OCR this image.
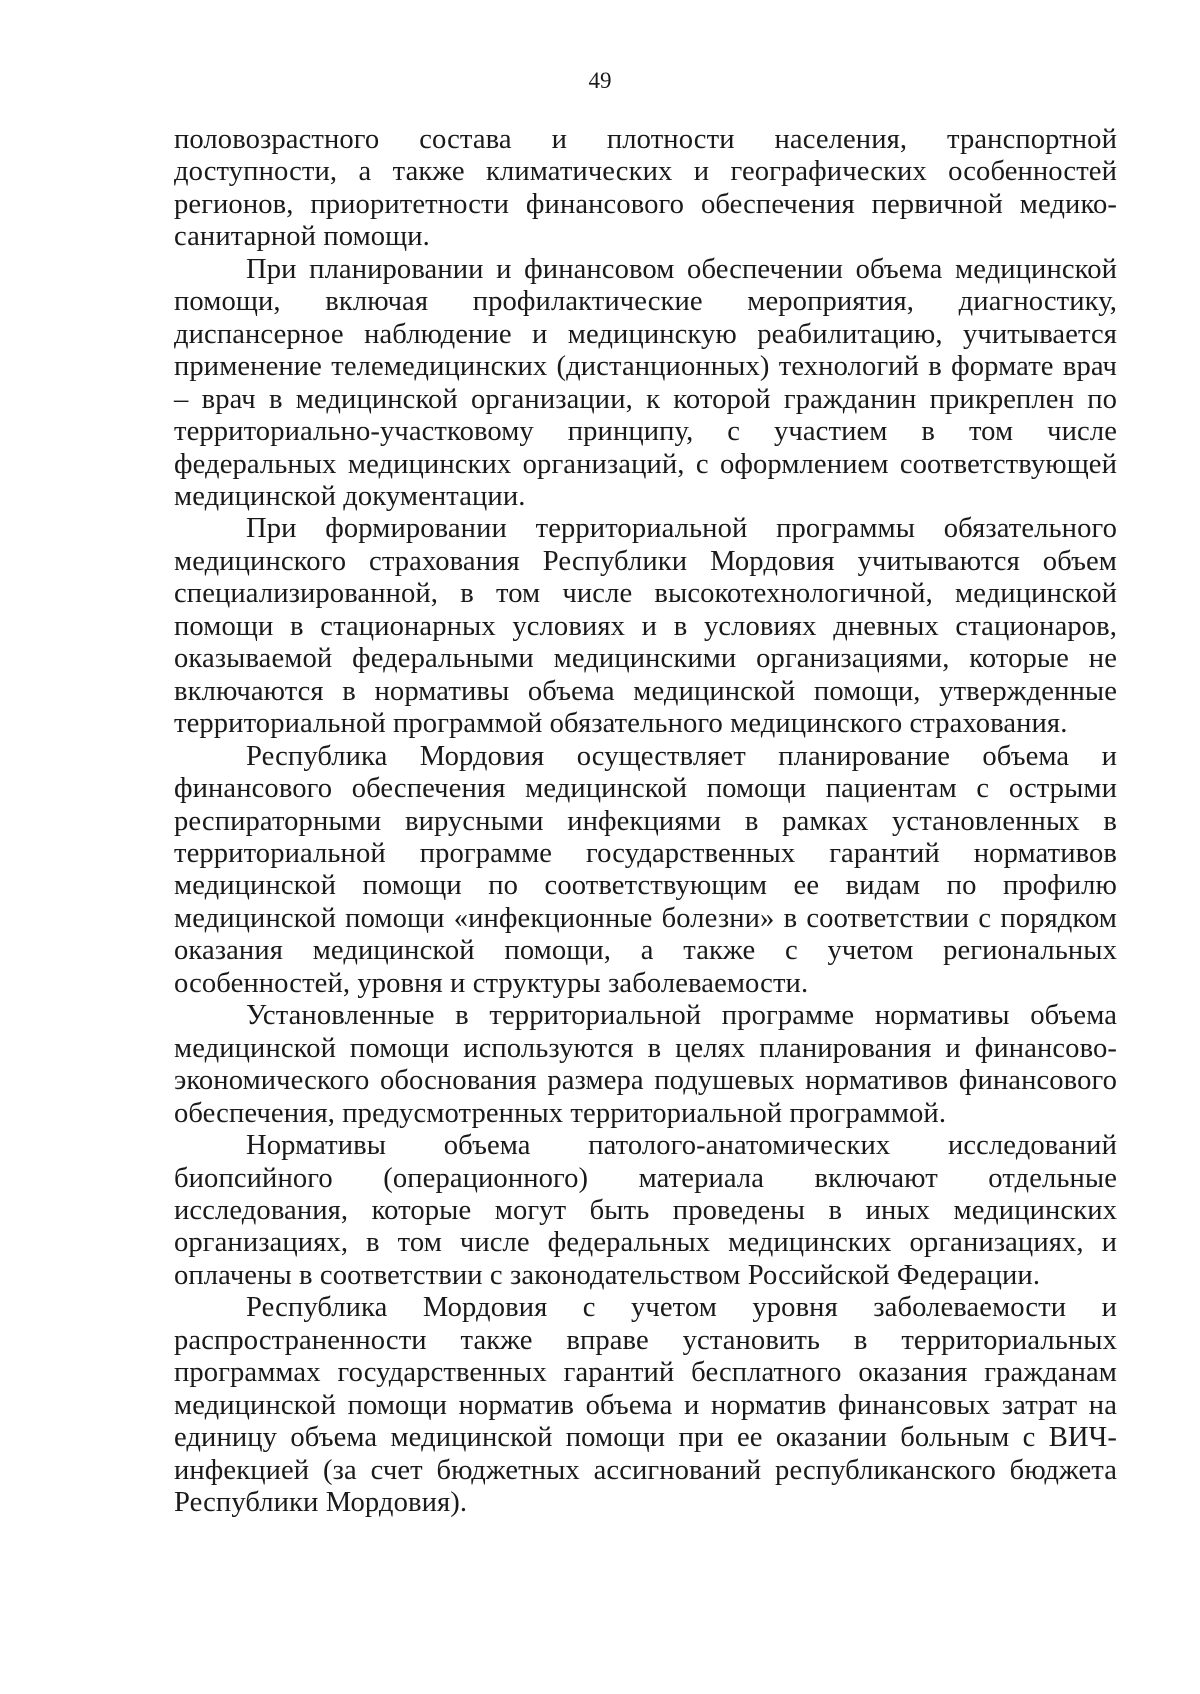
49

половозрастного состава и плотности населения, транспортной доступности, а также климатических и географических особенностей регионов, приоритетности финансового обеспечения первичной медико-санитарной помощи.

При планировании и финансовом обеспечении объема медицинской помощи, включая профилактические мероприятия, диагностику, диспансерное наблюдение и медицинскую реабилитацию, учитывается применение телемедицинских (дистанционных) технологий в формате врач – врач в медицинской организации, к которой гражданин прикреплен по территориально-участковому принципу, с участием в том числе федеральных медицинских организаций, с оформлением соответствующей медицинской документации.

При формировании территориальной программы обязательного медицинского страхования Республики Мордовия учитываются объем специализированной, в том числе высокотехнологичной, медицинской помощи в стационарных условиях и в условиях дневных стационаров, оказываемой федеральными медицинскими организациями, которые не включаются в нормативы объема медицинской помощи, утвержденные территориальной программой обязательного медицинского страхования.

Республика Мордовия осуществляет планирование объема и финансового обеспечения медицинской помощи пациентам с острыми респираторными вирусными инфекциями в рамках установленных в территориальной программе государственных гарантий нормативов медицинской помощи по соответствующим ее видам по профилю медицинской помощи «инфекционные болезни» в соответствии с порядком оказания медицинской помощи, а также с учетом региональных особенностей, уровня и структуры заболеваемости.

Установленные в территориальной программе нормативы объема медицинской помощи используются в целях планирования и финансово-экономического обоснования размера подушевых нормативов финансового обеспечения, предусмотренных территориальной программой.

Нормативы объема патолого-анатомических исследований биопсийного (операционного) материала включают отдельные исследования, которые могут быть проведены в иных медицинских организациях, в том числе федеральных медицинских организациях, и оплачены в соответствии с законодательством Российской Федерации.

Республика Мордовия с учетом уровня заболеваемости и распространенности также вправе установить в территориальных программах государственных гарантий бесплатного оказания гражданам медицинской помощи норматив объема и норматив финансовых затрат на единицу объема медицинской помощи при ее оказании больным с ВИЧ-инфекцией (за счет бюджетных ассигнований республиканского бюджета Республики Мордовия).
